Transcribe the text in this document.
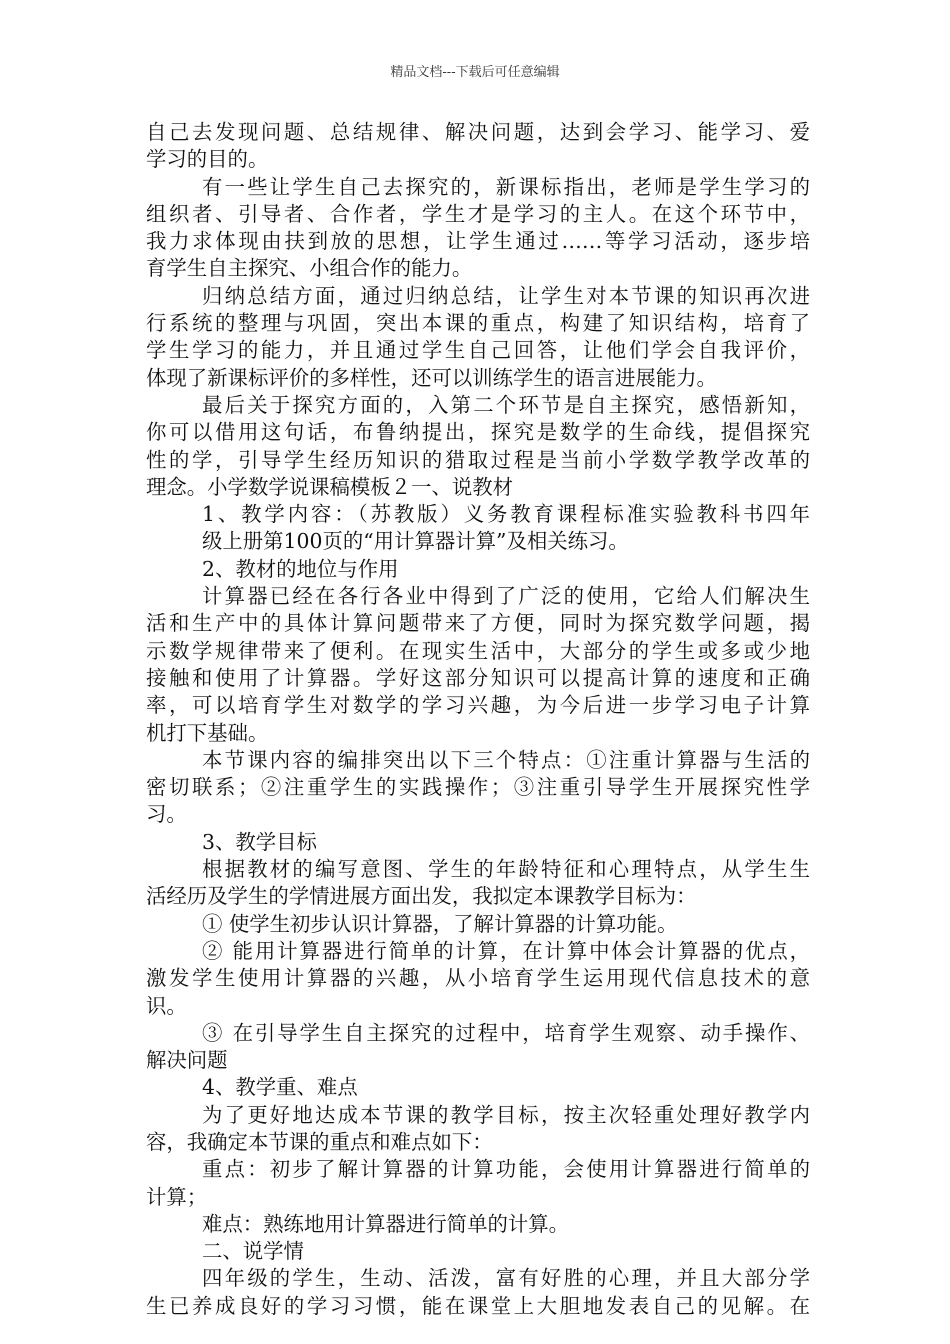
精品文档---下载后可任意编辑
自己去发现问题、总结规律、解决问题，达到会学习、能学习、爱
学习的目的。
有一些让学生自己去探究的，新课标指出，老师是学生学习的
组织者、引导者、合作者，学生才是学习的主人。在这个环节中，
我力求体现由扶到放的思想，让学生通过……等学习活动，逐步培
育学生自主探究、小组合作的能力。
归纳总结方面，通过归纳总结，让学生对本节课的知识再次进
行系统的整理与巩固，突出本课的重点，构建了知识结构，培育了
学生学习的能力，并且通过学生自己回答，让他们学会自我评价，
体现了新课标评价的多样性，还可以训练学生的语言进展能力。
最后关于探究方面的，入第二个环节是自主探究，感悟新知，
你可以借用这句话，布鲁纳提出，探究是数学的生命线，提倡探究
性的学，引导学生经历知识的猎取过程是当前小学数学教学改革的
理念。小学数学说课稿模板２一、说教材
1、教学内容：（苏教版）义务教育课程标准实验教科书四年
级上册第100页的“用计算器计算”及相关练习。
2、教材的地位与作用
计算器已经在各行各业中得到了广泛的使用，它给人们解决生
活和生产中的具体计算问题带来了方便，同时为探究数学问题，揭
示数学规律带来了便利。在现实生活中，大部分的学生或多或少地
接触和使用了计算器。学好这部分知识可以提高计算的速度和正确
率，可以培育学生对数学的学习兴趣，为今后进一步学习电子计算
机打下基础。
本节课内容的编排突出以下三个特点：①注重计算器与生活的
密切联系；②注重学生的实践操作；③注重引导学生开展探究性学
习。
3、教学目标
根据教材的编写意图、学生的年龄特征和心理特点，从学生生
活经历及学生的学情进展方面出发，我拟定本课教学目标为：
① 使学生初步认识计算器，了解计算器的计算功能。
② 能用计算器进行简单的计算，在计算中体会计算器的优点，
激发学生使用计算器的兴趣，从小培育学生运用现代信息技术的意
识。
③ 在引导学生自主探究的过程中，培育学生观察、动手操作、
解决问题
4、教学重、难点
为了更好地达成本节课的教学目标，按主次轻重处理好教学内
容，我确定本节课的重点和难点如下：
重点：初步了解计算器的计算功能，会使用计算器进行简单的
计算；
难点：熟练地用计算器进行简单的计算。
二、说学情
四年级的学生，生动、活泼，富有好胜的心理，并且大部分学
生已养成良好的学习习惯，能在课堂上大胆地发表自己的见解。在
